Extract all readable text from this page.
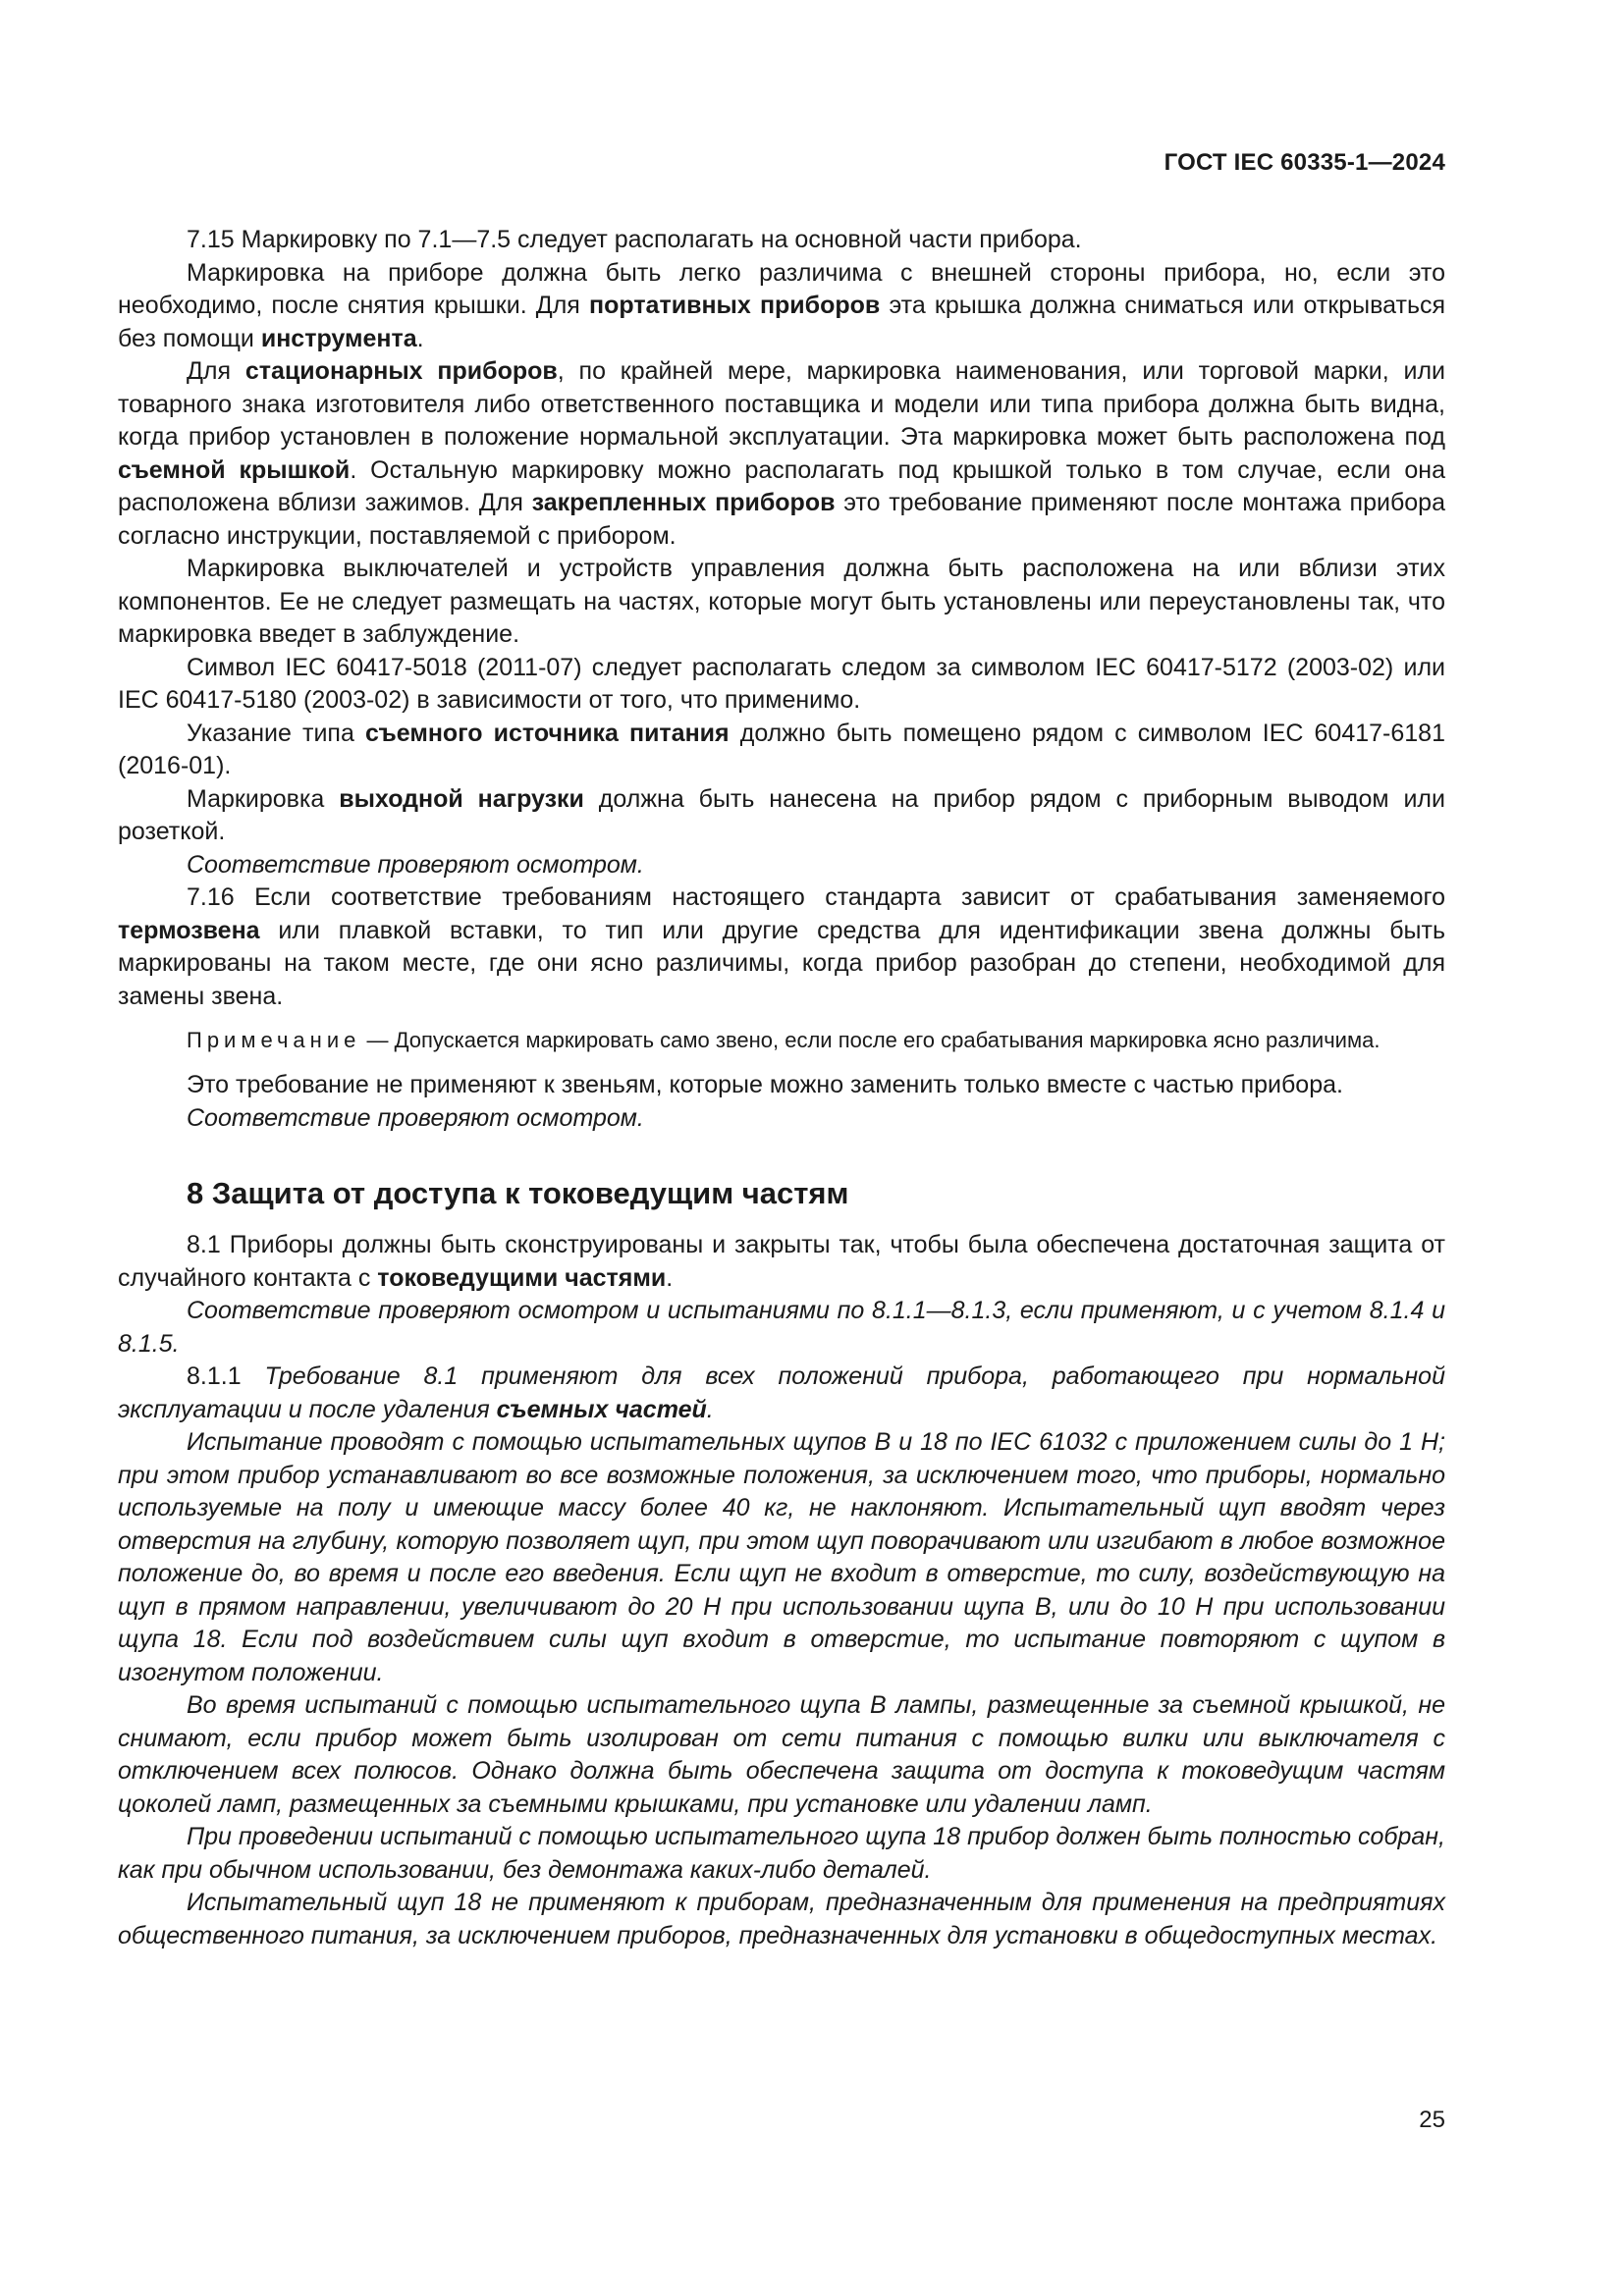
ГОСТ IEC 60335-1—2024

7.15 Маркировку по 7.1—7.5 следует располагать на основной части прибора.

Маркировка на приборе должна быть легко различима с внешней стороны прибора, но, если это необходимо, после снятия крышки. Для портативных приборов эта крышка должна сниматься или открываться без помощи инструмента.

Для стационарных приборов, по крайней мере, маркировка наименования, или торговой марки, или товарного знака изготовителя либо ответственного поставщика и модели или типа прибора должна быть видна, когда прибор установлен в положение нормальной эксплуатации. Эта маркировка может быть расположена под съемной крышкой. Остальную маркировку можно располагать под крышкой только в том случае, если она расположена вблизи зажимов. Для закрепленных приборов это требование применяют после монтажа прибора согласно инструкции, поставляемой с прибором.

Маркировка выключателей и устройств управления должна быть расположена на или вблизи этих компонентов. Ее не следует размещать на частях, которые могут быть установлены или переустановлены так, что маркировка введет в заблуждение.

Символ IEC 60417-5018 (2011-07) следует располагать следом за символом IEC 60417-5172 (2003-02) или IEC 60417-5180 (2003-02) в зависимости от того, что применимо.

Указание типа съемного источника питания должно быть помещено рядом с символом IEC 60417-6181 (2016-01).

Маркировка выходной нагрузки должна быть нанесена на прибор рядом с приборным выводом или розеткой.

Соответствие проверяют осмотром.

7.16 Если соответствие требованиям настоящего стандарта зависит от срабатывания заменяемого термозвена или плавкой вставки, то тип или другие средства для идентификации звена должны быть маркированы на таком месте, где они ясно различимы, когда прибор разобран до степени, необходимой для замены звена.

Примечание — Допускается маркировать само звено, если после его срабатывания маркировка ясно различима.

Это требование не применяют к звеньям, которые можно заменить только вместе с частью прибора.

Соответствие проверяют осмотром.

8 Защита от доступа к токоведущим частям

8.1 Приборы должны быть сконструированы и закрыты так, чтобы была обеспечена достаточная защита от случайного контакта с токоведущими частями.

Соответствие проверяют осмотром и испытаниями по 8.1.1—8.1.3, если применяют, и с учетом 8.1.4 и 8.1.5.

8.1.1 Требование 8.1 применяют для всех положений прибора, работающего при нормальной эксплуатации и после удаления съемных частей.

Испытание проводят с помощью испытательных щупов B и 18 по IEC 61032 с приложением силы до 1 Н; при этом прибор устанавливают во все возможные положения, за исключением того, что приборы, нормально используемые на полу и имеющие массу более 40 кг, не наклоняют. Испытательный щуп вводят через отверстия на глубину, которую позволяет щуп, при этом щуп поворачивают или изгибают в любое возможное положение до, во время и после его введения. Если щуп не входит в отверстие, то силу, воздействующую на щуп в прямом направлении, увеличивают до 20 Н при использовании щупа B, или до 10 Н при использовании щупа 18. Если под воздействием силы щуп входит в отверстие, то испытание повторяют с щупом в изогнутом положении.

Во время испытаний с помощью испытательного щупа B лампы, размещенные за съемной крышкой, не снимают, если прибор может быть изолирован от сети питания с помощью вилки или выключателя с отключением всех полюсов. Однако должна быть обеспечена защита от доступа к токоведущим частям цоколей ламп, размещенных за съемными крышками, при установке или удалении ламп.

При проведении испытаний с помощью испытательного щупа 18 прибор должен быть полностью собран, как при обычном использовании, без демонтажа каких-либо деталей.

Испытательный щуп 18 не применяют к приборам, предназначенным для применения на предприятиях общественного питания, за исключением приборов, предназначенных для установки в общедоступных местах.

25
